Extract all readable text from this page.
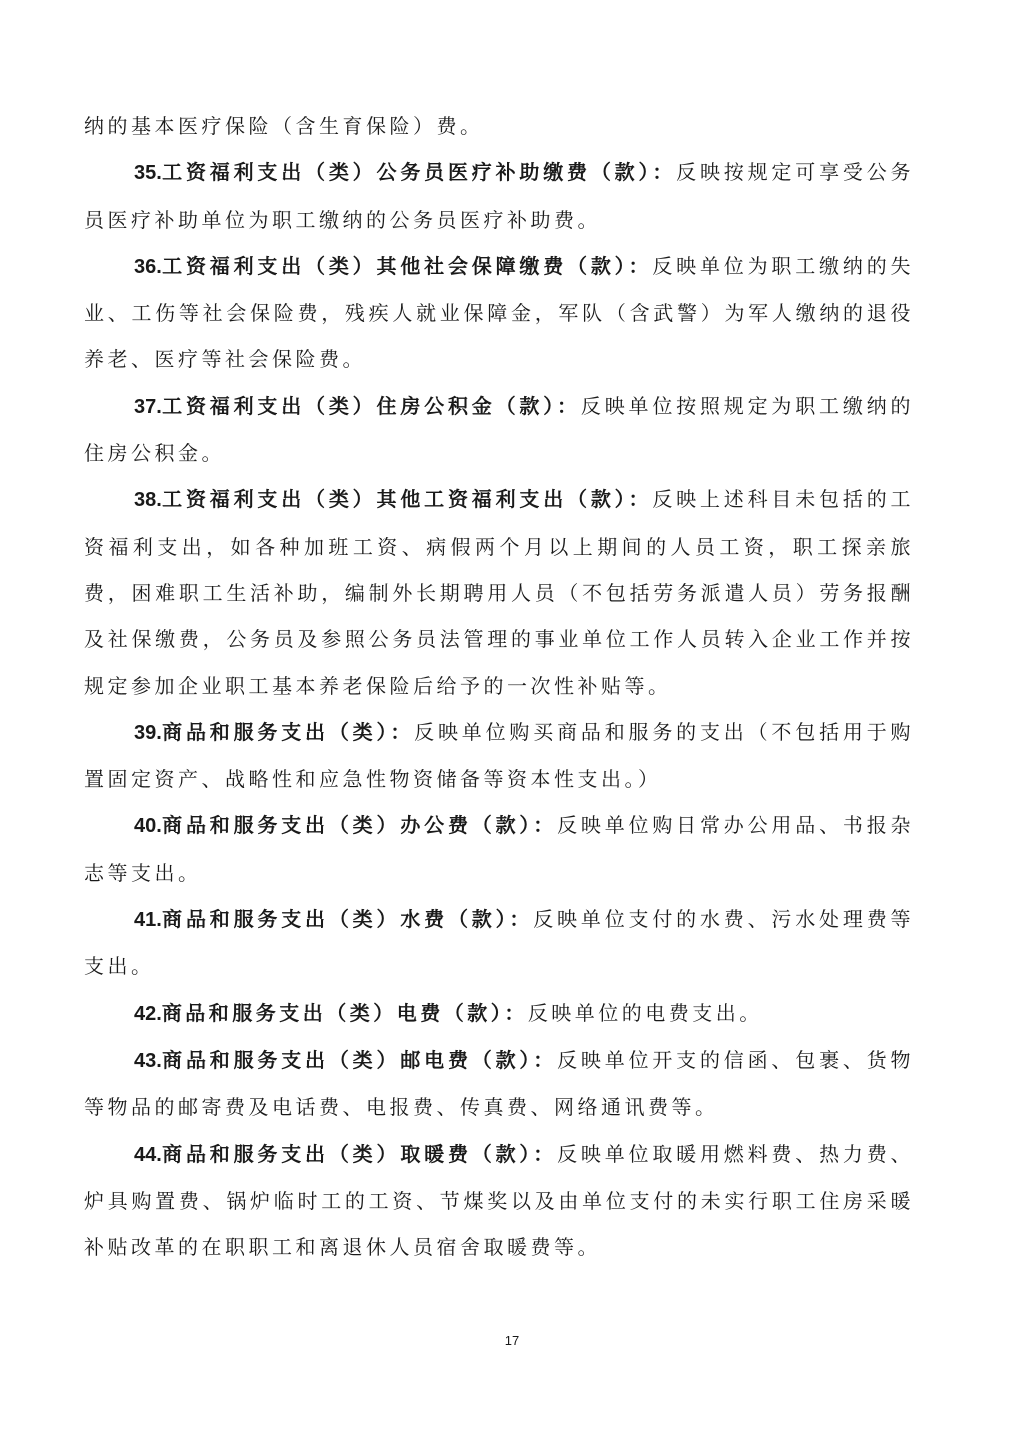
纳的基本医疗保险（含生育保险）费。

35.工资福利支出（类）公务员医疗补助缴费（款）：反映按规定可享受公务员医疗补助单位为职工缴纳的公务员医疗补助费。

36.工资福利支出（类）其他社会保障缴费（款）：反映单位为职工缴纳的失业、工伤等社会保险费，残疾人就业保障金，军队（含武警）为军人缴纳的退役养老、医疗等社会保险费。

37.工资福利支出（类）住房公积金（款）：反映单位按照规定为职工缴纳的住房公积金。

38.工资福利支出（类）其他工资福利支出（款）：反映上述科目未包括的工资福利支出，如各种加班工资、病假两个月以上期间的人员工资，职工探亲旅费，困难职工生活补助，编制外长期聘用人员（不包括劳务派遣人员）劳务报酬及社保缴费，公务员及参照公务员法管理的事业单位工作人员转入企业工作并按规定参加企业职工基本养老保险后给予的一次性补贴等。

39.商品和服务支出（类）：反映单位购买商品和服务的支出（不包括用于购置固定资产、战略性和应急性物资储备等资本性支出。）

40.商品和服务支出（类）办公费（款）：反映单位购日常办公用品、书报杂志等支出。

41.商品和服务支出（类）水费（款）：反映单位支付的水费、污水处理费等支出。

42.商品和服务支出（类）电费（款）：反映单位的电费支出。

43.商品和服务支出（类）邮电费（款）：反映单位开支的信函、包裹、货物等物品的邮寄费及电话费、电报费、传真费、网络通讯费等。

44.商品和服务支出（类）取暖费（款）：反映单位取暖用燃料费、热力费、炉具购置费、锅炉临时工的工资、节煤奖以及由单位支付的未实行职工住房采暖补贴改革的在职职工和离退休人员宿舍取暖费等。

17
